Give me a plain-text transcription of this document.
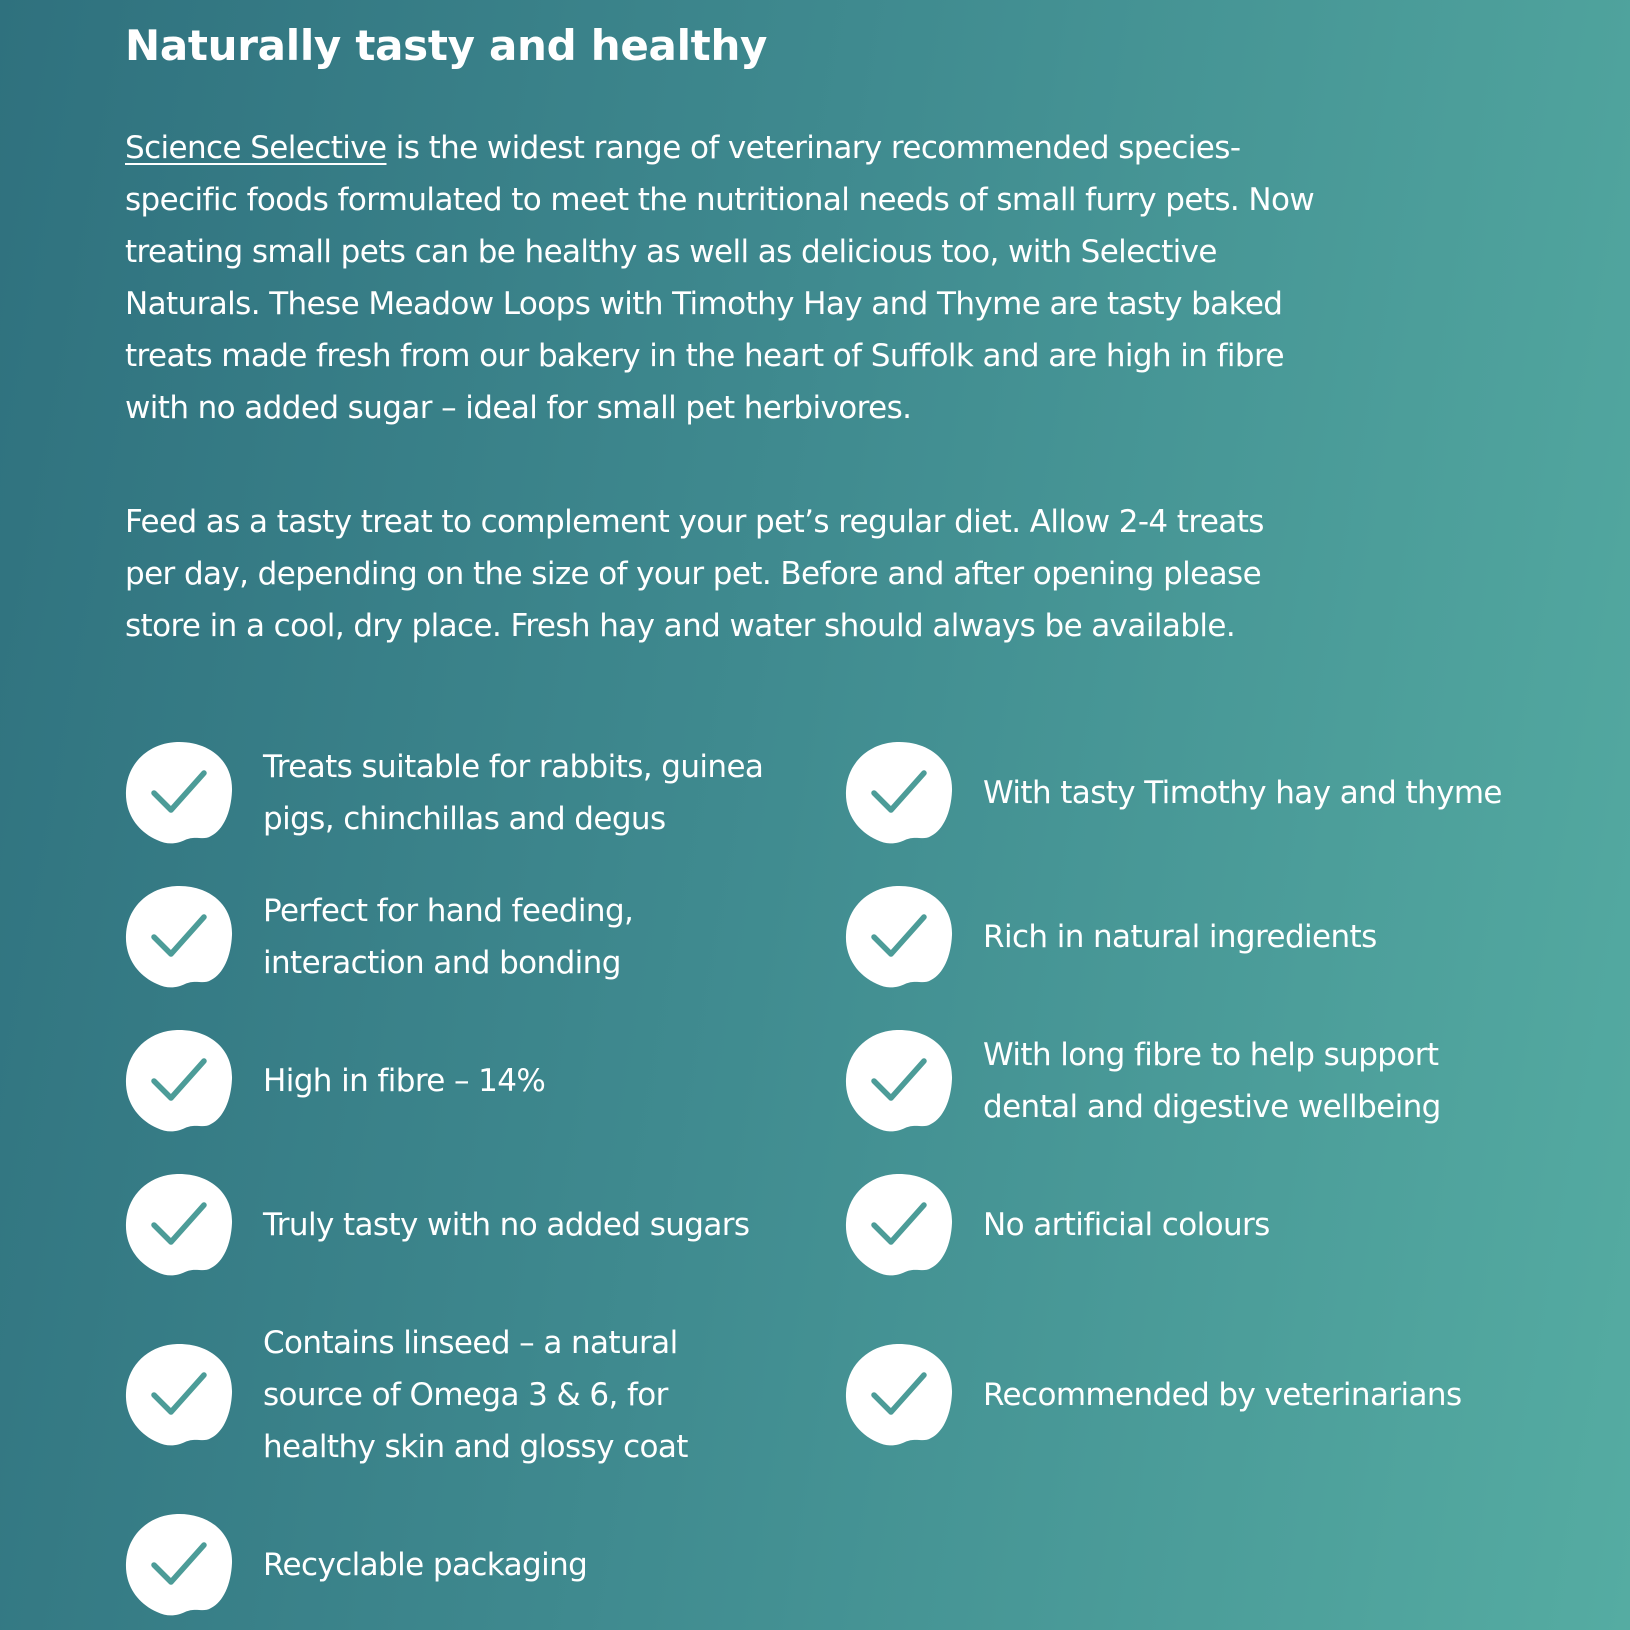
Naturally tasty and healthy

Science Selective is the widest range of veterinary recommended species-specific foods formulated to meet the nutritional needs of small furry pets. Now treating small pets can be healthy as well as delicious too, with Selective Naturals. These Meadow Loops with Timothy Hay and Thyme are tasty baked treats made fresh from our bakery in the heart of Suffolk and are high in fibre with no added sugar – ideal for small pet herbivores.

Feed as a tasty treat to complement your pet’s regular diet. Allow 2-4 treats per day, depending on the size of your pet. Before and after opening please store in a cool, dry place. Fresh hay and water should always be available.

Treats suitable for rabbits, guinea pigs, chinchillas and degus
With tasty Timothy hay and thyme
Perfect for hand feeding, interaction and bonding
Rich in natural ingredients
High in fibre – 14%
With long fibre to help support dental and digestive wellbeing
Truly tasty with no added sugars	No artificial colours
Contains linseed – a natural source of Omega 3 & 6, for healthy skin and glossy coat
Recommended by veterinarians
Recyclable packaging
